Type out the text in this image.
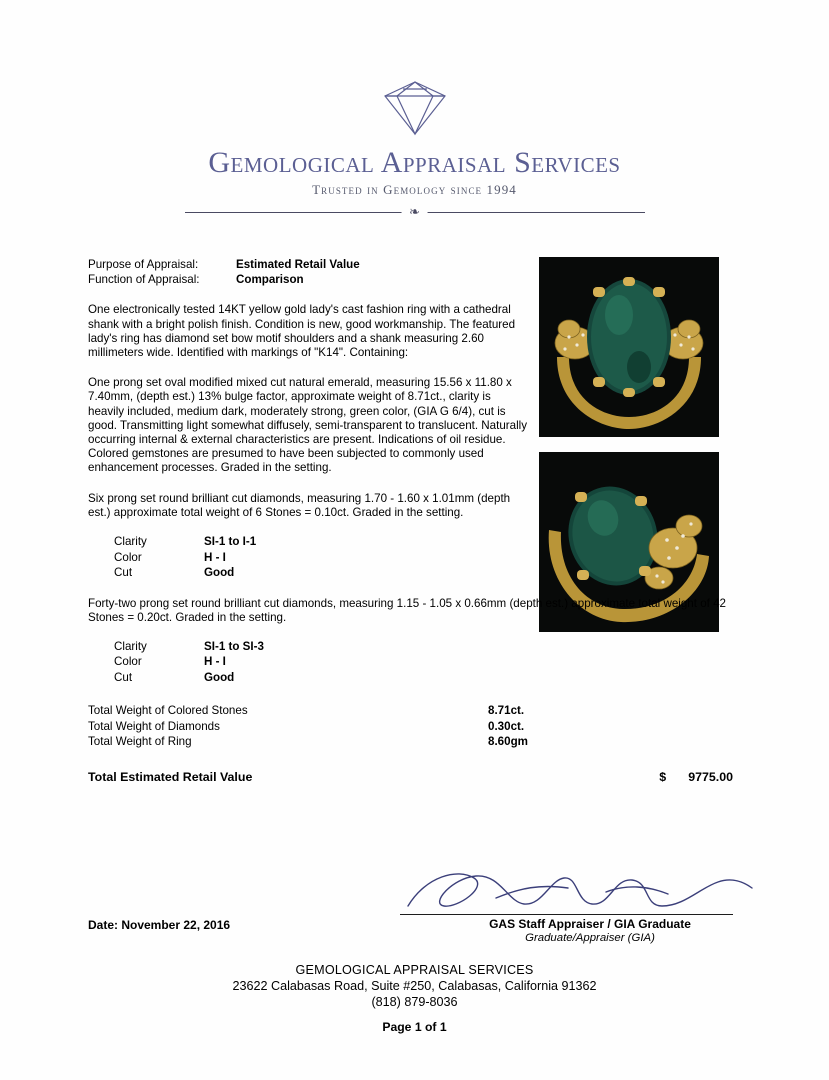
Gemological Appraisal Services
Trusted in Gemology since 1994
❧
Purpose of Appraisal:	Estimated Retail Value
Function of Appraisal:	Comparison
One electronically tested 14KT yellow gold lady's cast fashion ring with a cathedral shank with a bright polish finish. Condition is new, good workmanship. The featured lady's ring has diamond set bow motif shoulders and a shank measuring 2.60 millimeters wide. Identified with markings of "K14". Containing:
One prong set oval modified mixed cut natural emerald, measuring 15.56 x 11.80 x 7.40mm, (depth est.) 13% bulge factor, approximate weight of 8.71ct., clarity is heavily included, medium dark, moderately strong, green color, (GIA G 6/4), cut is good. Transmitting light somewhat diffusely, semi-transparent to translucent. Naturally occurring internal & external characteristics are present. Indications of oil residue. Colored gemstones are presumed to have been subjected to commonly used enhancement processes. Graded in the setting.
Six prong set round brilliant cut diamonds, measuring 1.70 - 1.60 x 1.01mm (depth est.) approximate total weight of 6 Stones = 0.10ct. Graded in the setting.
Clarity	SI-1 to I-1
Color	H - I
Cut	Good
Forty-two prong set round brilliant cut diamonds, measuring 1.15 - 1.05 x 0.66mm (depth est.) approximate total weight of 42 Stones = 0.20ct. Graded in the setting.
Clarity	SI-1 to SI-3
Color	H - I
Cut	Good
Total Weight of Colored Stones	8.71ct.
Total Weight of Diamonds	0.30ct.
Total Weight of Ring	8.60gm
Total Estimated Retail Value	$ 9775.00
Date: November 22, 2016	GAS Staff Appraiser / GIA Graduate
Graduate/Appraiser (GIA)
GEMOLOGICAL APPRAISAL SERVICES
23622 Calabasas Road, Suite #250, Calabasas, California 91362
(818) 879-8036
Page 1 of 1
